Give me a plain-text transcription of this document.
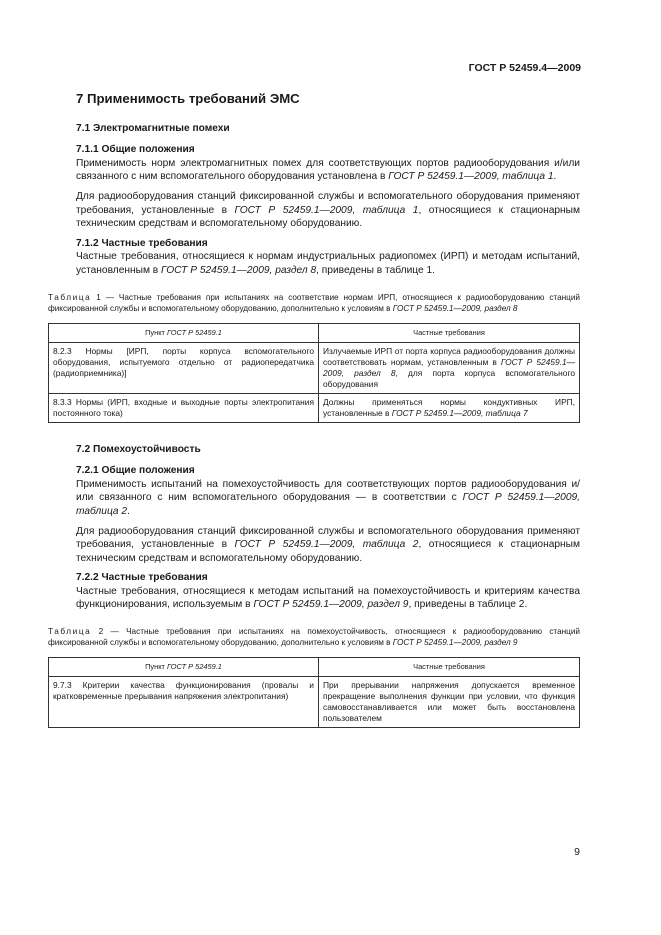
ГОСТ Р 52459.4—2009
7 Применимость требований ЭМС
7.1 Электромагнитные помехи
7.1.1 Общие положения
Применимость норм электромагнитных помех для соответствующих портов радиооборудования и/или связанного с ним вспомогательного оборудования установлена в ГОСТ Р 52459.1—2009, таблица 1.
Для радиооборудования станций фиксированной службы и вспомогательного оборудования применяют требования, установленные в ГОСТ Р 52459.1—2009, таблица 1, относящиеся к стационарным техническим средствам и вспомогательному оборудованию.
7.1.2 Частные требования
Частные требования, относящиеся к нормам индустриальных радиопомех (ИРП) и методам испытаний, установленным в ГОСТ Р 52459.1—2009, раздел 8, приведены в таблице 1.
Таблица 1 — Частные требования при испытаниях на соответствие нормам ИРП, относящиеся к радиооборудованию станций фиксированной службы и вспомогательному оборудованию, дополнительно к условиям в ГОСТ Р 52459.1—2009, раздел 8
Пункт ГОСТ Р 52459.1	Частные требования
8.2.3 Нормы [ИРП, порты корпуса вспомогательного оборудования, испытуемого отдельно от радиопередатчика (радиоприемника)]	Излучаемые ИРП от порта корпуса радиооборудования должны соответствовать нормам, установленным в ГОСТ Р 52459.1—2009, раздел 8, для порта корпуса вспомогательного оборудования
8.3.3 Нормы (ИРП, входные и выходные порты электропитания постоянного тока)	Должны применяться нормы кондуктивных ИРП, установленные в ГОСТ Р 52459.1—2009, таблица 7
7.2 Помехоустойчивость
7.2.1 Общие положения
Применимость испытаний на помехоустойчивость для соответствующих портов радиооборудования и/или связанного с ним вспомогательного оборудования — в соответствии с ГОСТ Р 52459.1—2009, таблица 2.
Для радиооборудования станций фиксированной службы и вспомогательного оборудования применяют требования, установленные в ГОСТ Р 52459.1—2009, таблица 2, относящиеся к стационарным техническим средствам и вспомогательному оборудованию.
7.2.2 Частные требования
Частные требования, относящиеся к методам испытаний на помехоустойчивость и критериям качества функционирования, используемым в ГОСТ Р 52459.1—2009, раздел 9, приведены в таблице 2.
Таблица 2 — Частные требования при испытаниях на помехоустойчивость, относящиеся к радиооборудованию станций фиксированной службы и вспомогательному оборудованию, дополнительно к условиям в ГОСТ Р 52459.1—2009, раздел 9
Пункт ГОСТ Р 52459.1	Частные требования
9.7.3 Критерии качества функционирования (провалы и кратковременные прерывания напряжения электропитания)	При прерывании напряжения допускается временное прекращение выполнения функции при условии, что функция самовосстанавливается или может быть восстановлена пользователем
9
